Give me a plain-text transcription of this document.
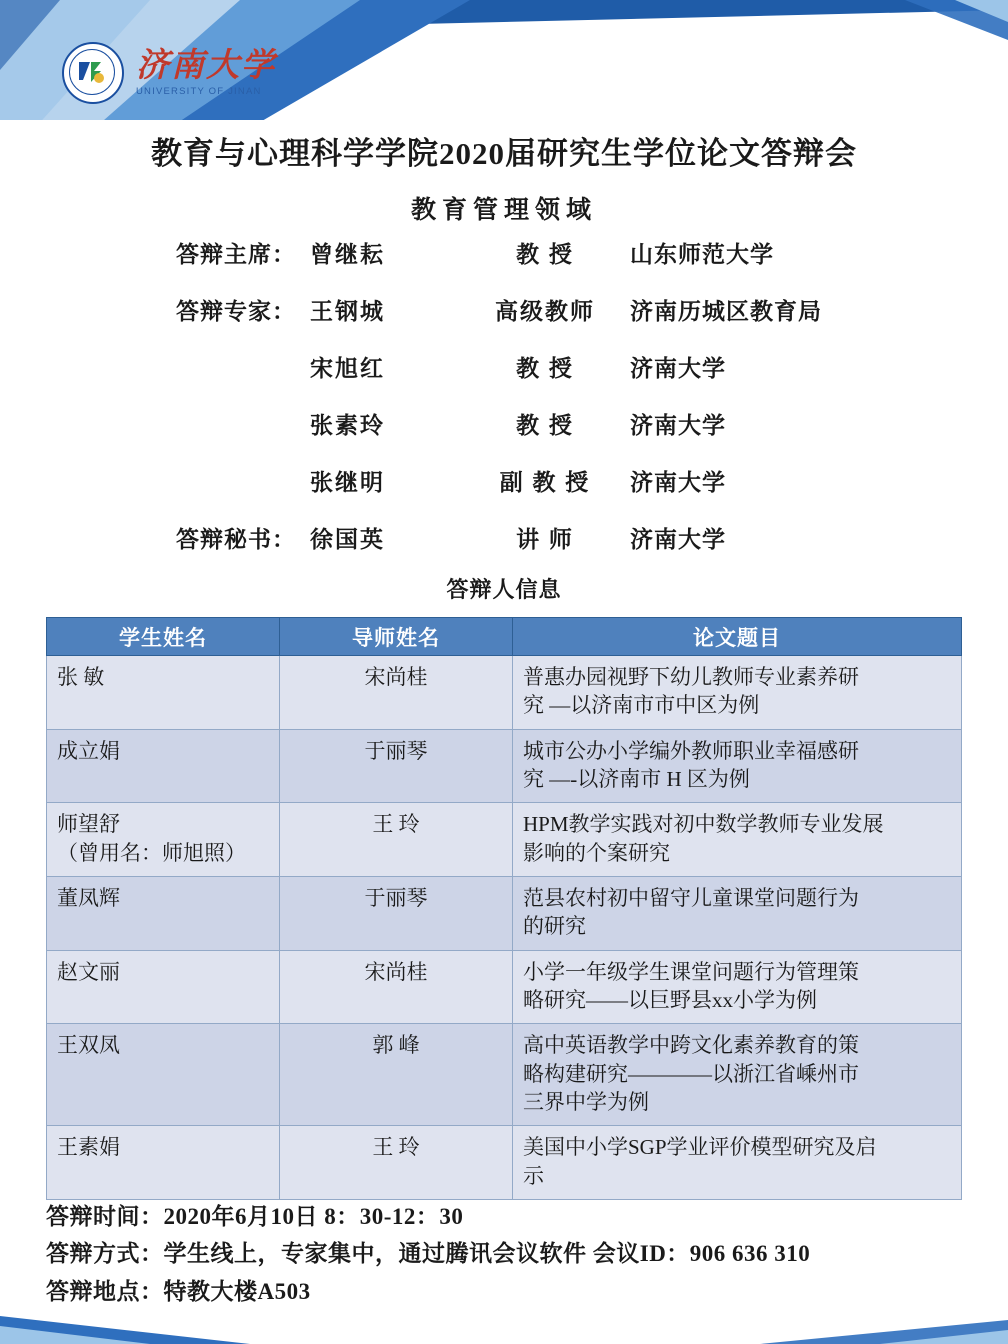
济南大学
UNIVERSITY OF JINAN
教育与心理科学学院2020届研究生学位论文答辩会
教育管理领域
答辩主席： 曾继耘	教 授	山东师范大学
答辩专家： 王钢城	高级教师	济南历城区教育局
宋旭红	教 授	济南大学
张素玲	教 授	济南大学
张继明	副 教 授	济南大学
答辩秘书： 徐国英	讲 师	济南大学
答辩人信息
学生姓名	导师姓名	论文题目

张 敏	宋尚桂	普惠办园视野下幼儿教师专业素养研
究 —以济南市市中区为例

成立娟	于丽琴	城市公办小学编外教师职业幸福感研
究 —-以济南市 H 区为例

师望舒
（曾用名：师旭照）	王 玲	HPM教学实践对初中数学教师专业发展
影响的个案研究

董凤辉	于丽琴	范县农村初中留守儿童课堂问题行为
的研究

赵文丽	宋尚桂	小学一年级学生课堂问题行为管理策
略研究——以巨野县xx小学为例

王双凤	郭 峰	高中英语教学中跨文化素养教育的策
略构建研究————以浙江省嵊州市
三界中学为例

王素娟	王 玲	美国中小学SGP学业评价模型研究及启
示
答辩时间：2020年6月10日 8：30-12：30
答辩方式：学生线上，专家集中，通过腾讯会议软件 会议ID：906 636 310
答辩地点：特教大楼A503
